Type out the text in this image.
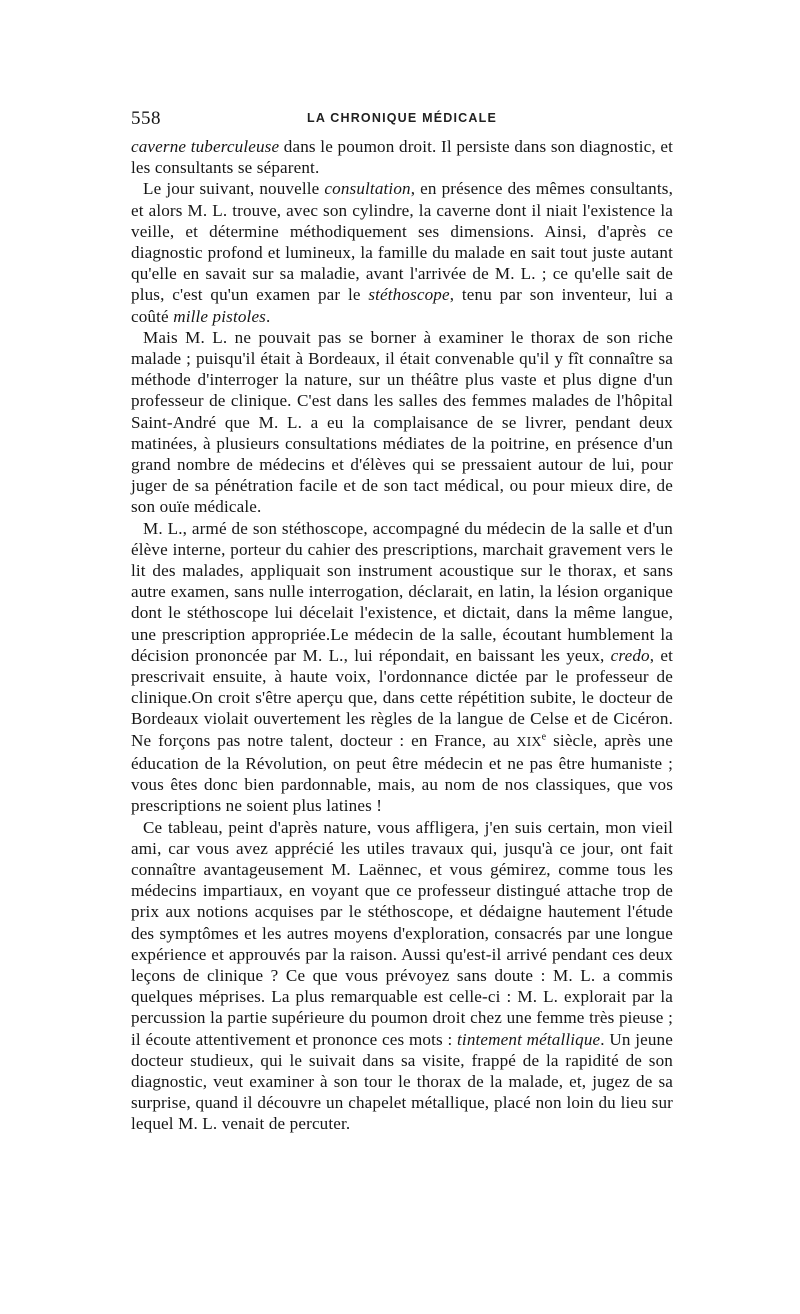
558	LA CHRONIQUE MÉDICALE

caverne tuberculeuse dans le poumon droit. Il persiste dans son diagnostic, et les consultants se séparent.

Le jour suivant, nouvelle consultation, en présence des mêmes consultants, et alors M. L. trouve, avec son cylindre, la caverne dont il niait l'existence la veille, et détermine méthodiquement ses dimensions. Ainsi, d'après ce diagnostic profond et lumineux, la famille du malade en sait tout juste autant qu'elle en savait sur sa maladie, avant l'arrivée de M. L. ; ce qu'elle sait de plus, c'est qu'un examen par le stéthoscope, tenu par son inventeur, lui a coûté mille pistoles.

Mais M. L. ne pouvait pas se borner à examiner le thorax de son riche malade ; puisqu'il était à Bordeaux, il était convenable qu'il y fît connaître sa méthode d'interroger la nature, sur un théâtre plus vaste et plus digne d'un professeur de clinique. C'est dans les salles des femmes malades de l'hôpital Saint-André que M. L. a eu la complaisance de se livrer, pendant deux matinées, à plusieurs consultations médiates de la poitrine, en présence d'un grand nombre de médecins et d'élèves qui se pressaient autour de lui, pour juger de sa pénétration facile et de son tact médical, ou pour mieux dire, de son ouïe médicale.

M. L., armé de son stéthoscope, accompagné du médecin de la salle et d'un élève interne, porteur du cahier des prescriptions, marchait gravement vers le lit des malades, appliquait son instrument acoustique sur le thorax, et sans autre examen, sans nulle interrogation, déclarait, en latin, la lésion organique dont le stéthoscope lui décelait l'existence, et dictait, dans la même langue, une prescription appropriée.Le médecin de la salle, écoutant humblement la décision prononcée par M. L., lui répondait, en baissant les yeux, credo, et prescrivait ensuite, à haute voix, l'ordonnance dictée par le professeur de clinique.On croit s'être aperçu que, dans cette répétition subite, le docteur de Bordeaux violait ouvertement les règles de la langue de Celse et de Cicéron. Ne forçons pas notre talent, docteur : en France, au XIXe siècle, après une éducation de la Révolution, on peut être médecin et ne pas être humaniste ; vous êtes donc bien pardonnable, mais, au nom de nos classiques, que vos prescriptions ne soient plus latines !

Ce tableau, peint d'après nature, vous affligera, j'en suis certain, mon vieil ami, car vous avez apprécié les utiles travaux qui, jusqu'à ce jour, ont fait connaître avantageusement M. Laënnec, et vous gémirez, comme tous les médecins impartiaux, en voyant que ce professeur distingué attache trop de prix aux notions acquises par le stéthoscope, et dédaigne hautement l'étude des symptômes et les autres moyens d'exploration, consacrés par une longue expérience et approuvés par la raison. Aussi qu'est-il arrivé pendant ces deux leçons de clinique ? Ce que vous prévoyez sans doute : M. L. a commis quelques méprises. La plus remarquable est celle-ci : M. L. explorait par la percussion la partie supérieure du poumon droit chez une femme très pieuse ; il écoute attentivement et prononce ces mots : tintement métallique. Un jeune docteur studieux, qui le suivait dans sa visite, frappé de la rapidité de son diagnostic, veut examiner à son tour le thorax de la malade, et, jugez de sa surprise, quand il découvre un chapelet métallique, placé non loin du lieu sur lequel M. L. venait de percuter.
